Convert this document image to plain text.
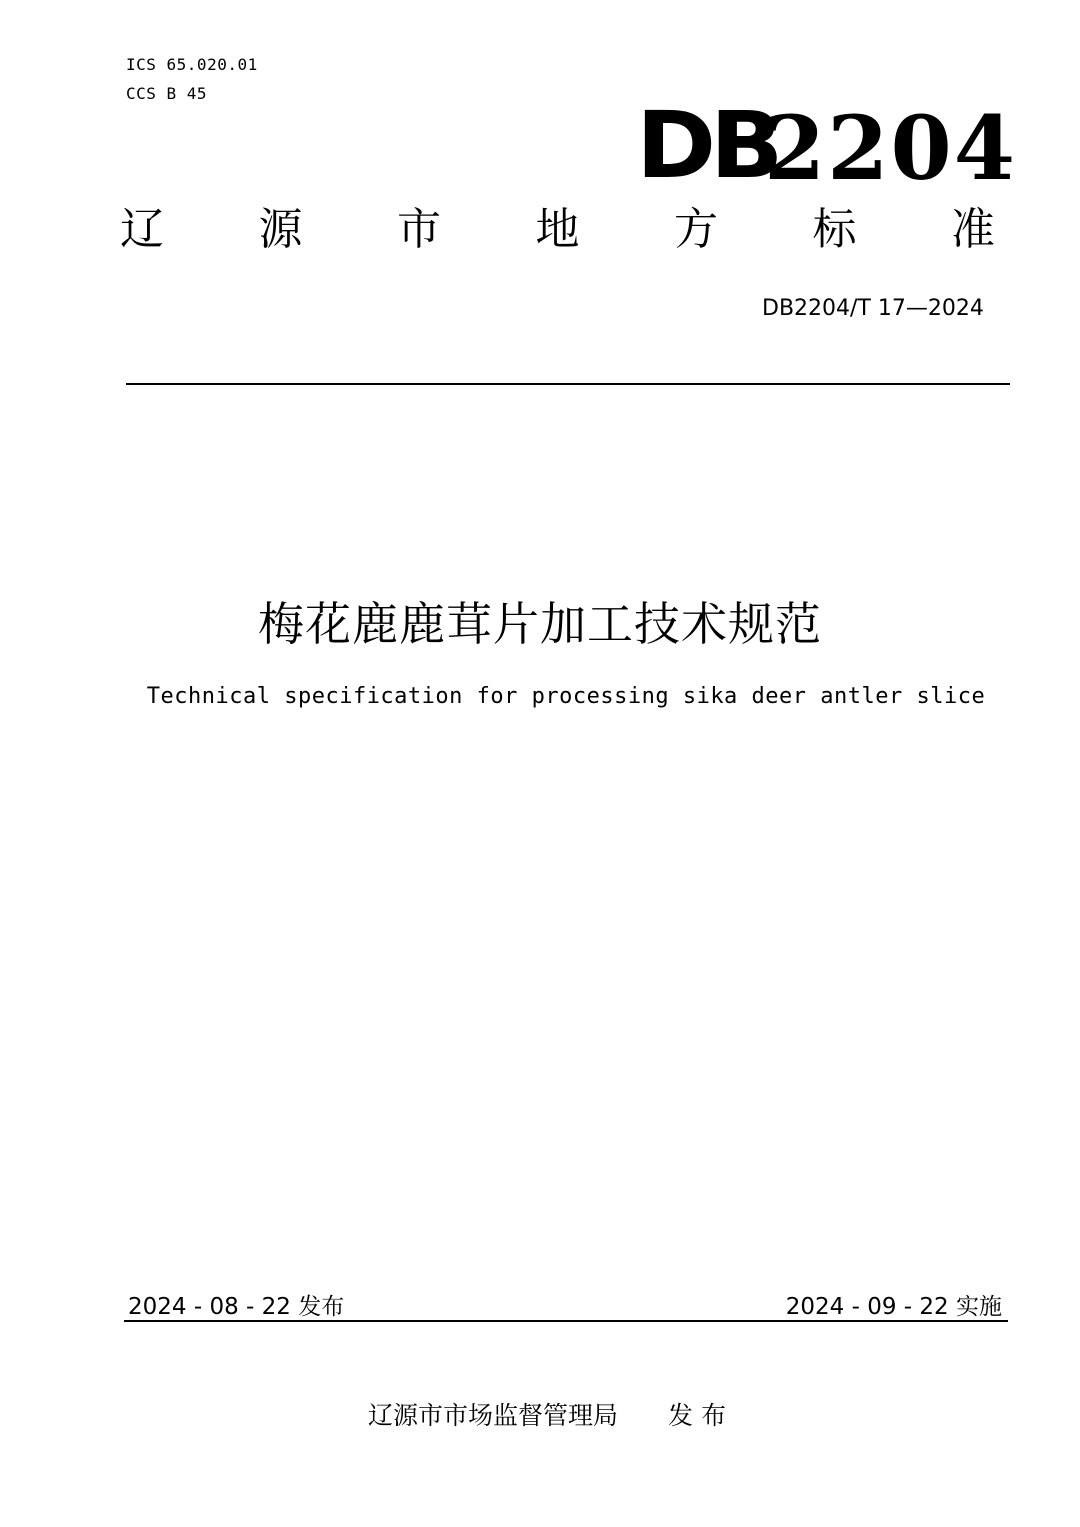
ICS 65.020.01
CCS B 45	DB
2204
辽 源 市 地 方 标 准
DB2204/T 17—2024
梅花鹿鹿茸片加工技术规范
Technical specification for processing sika deer antler slice
2024 - 08 - 22 发布	2024 - 09 - 22 实施
辽源市市场监督管理局 发 布
